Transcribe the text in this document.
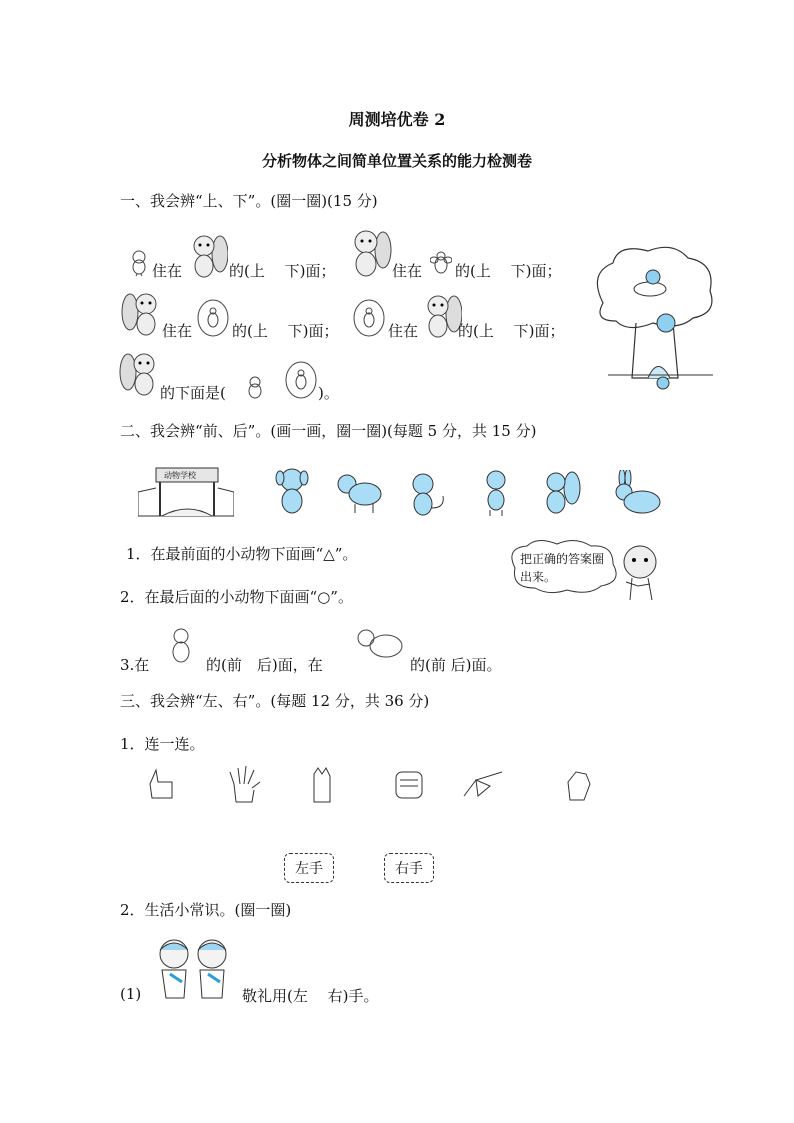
周测培优卷 2
分析物体之间简单位置关系的能力检测卷
一、我会辨“上、下”。(圈一圈)(15 分)
住在	的(上　 下)面；	住在 的(上　 下)面；
住在	的(上　 下)面；	住在	的(上　 下)面；
的下面是(	)。
二、我会辨“前、后”。(画一画，圈一圈)(每题 5 分，共 15 分)
动物学校
1．在最前面的小动物下面画“△”。
2．在最后面的小动物下面画“○”。
把正确的答案圈出来。
3.在	的(前　后)面，在	的(前 后)面。
三、我会辨“左、右”。(每题 12 分，共 36 分)
1．连一连。
左手	右手
2．生活小常识。(圈一圈)
(1)	敬礼用(左　 右)手。
